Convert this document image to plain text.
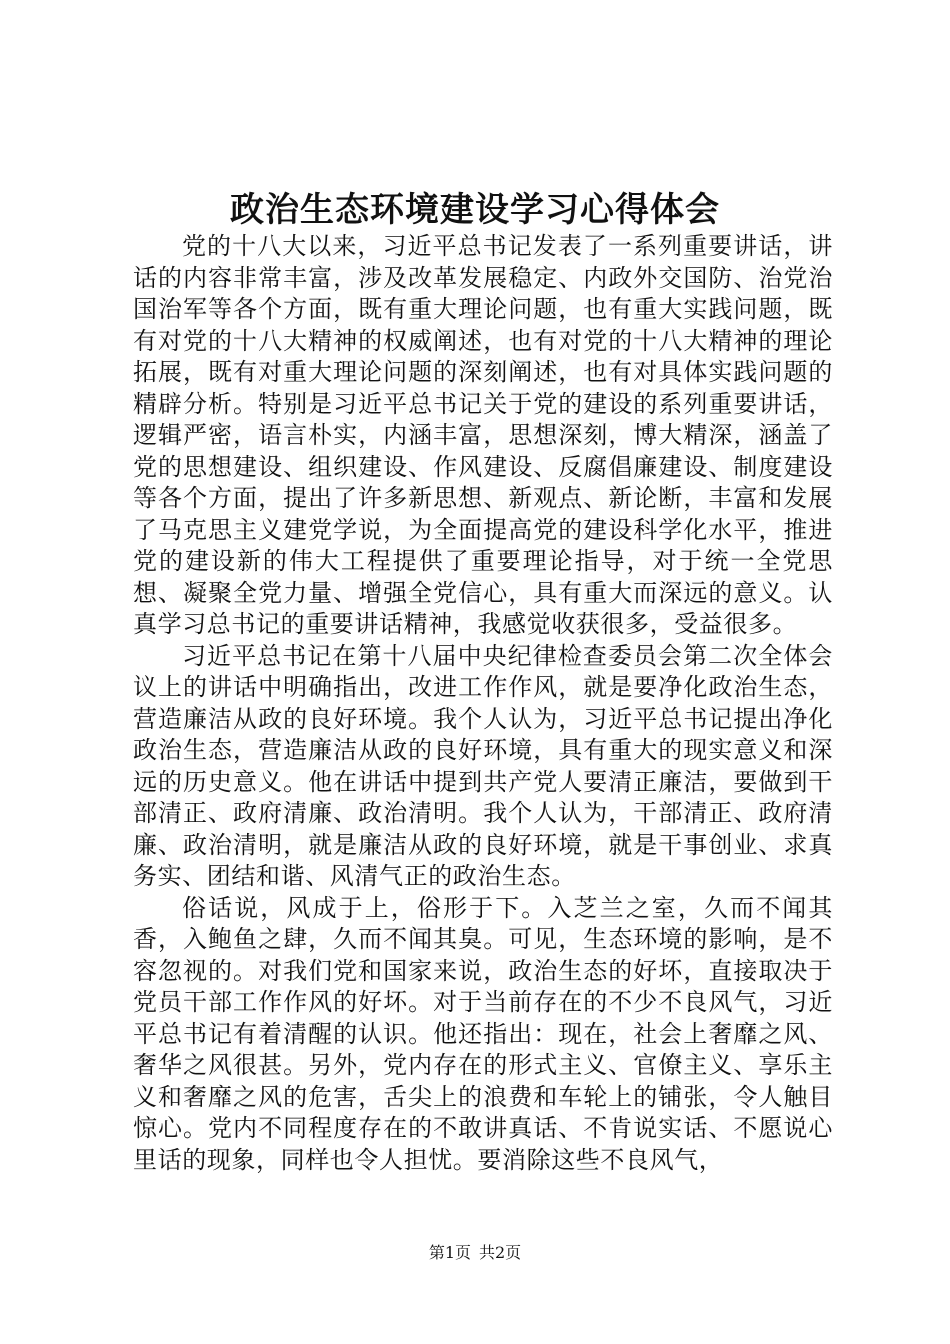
政治生态环境建设学习心得体会

党的十八大以来，习近平总书记发表了一系列重要讲话，讲话的内容非常丰富，涉及改革发展稳定、内政外交国防、治党治国治军等各个方面，既有重大理论问题，也有重大实践问题，既有对党的十八大精神的权威阐述，也有对党的十八大精神的理论拓展，既有对重大理论问题的深刻阐述，也有对具体实践问题的精辟分析。特别是习近平总书记关于党的建设的系列重要讲话，逻辑严密，语言朴实，内涵丰富，思想深刻，博大精深，涵盖了党的思想建设、组织建设、作风建设、反腐倡廉建设、制度建设等各个方面，提出了许多新思想、新观点、新论断，丰富和发展了马克思主义建党学说，为全面提高党的建设科学化水平，推进党的建设新的伟大工程提供了重要理论指导，对于统一全党思想、凝聚全党力量、增强全党信心，具有重大而深远的意义。认真学习总书记的重要讲话精神，我感觉收获很多，受益很多。

习近平总书记在第十八届中央纪律检查委员会第二次全体会议上的讲话中明确指出，改进工作作风，就是要净化政治生态，营造廉洁从政的良好环境。我个人认为，习近平总书记提出净化政治生态，营造廉洁从政的良好环境，具有重大的现实意义和深远的历史意义。他在讲话中提到共产党人要清正廉洁，要做到干部清正、政府清廉、政治清明。我个人认为，干部清正、政府清廉、政治清明，就是廉洁从政的良好环境，就是干事创业、求真务实、团结和谐、风清气正的政治生态。

俗话说，风成于上，俗形于下。入芝兰之室，久而不闻其香，入鲍鱼之肆，久而不闻其臭。可见，生态环境的影响，是不容忽视的。对我们党和国家来说，政治生态的好坏，直接取决于党员干部工作作风的好坏。对于当前存在的不少不良风气，习近平总书记有着清醒的认识。他还指出：现在，社会上奢靡之风、奢华之风很甚。另外，党内存在的形式主义、官僚主义、享乐主义和奢靡之风的危害，舌尖上的浪费和车轮上的铺张，令人触目惊心。党内不同程度存在的不敢讲真话、不肯说实话、不愿说心里话的现象，同样也令人担忧。要消除这些不良风气，

第1页 共2页
